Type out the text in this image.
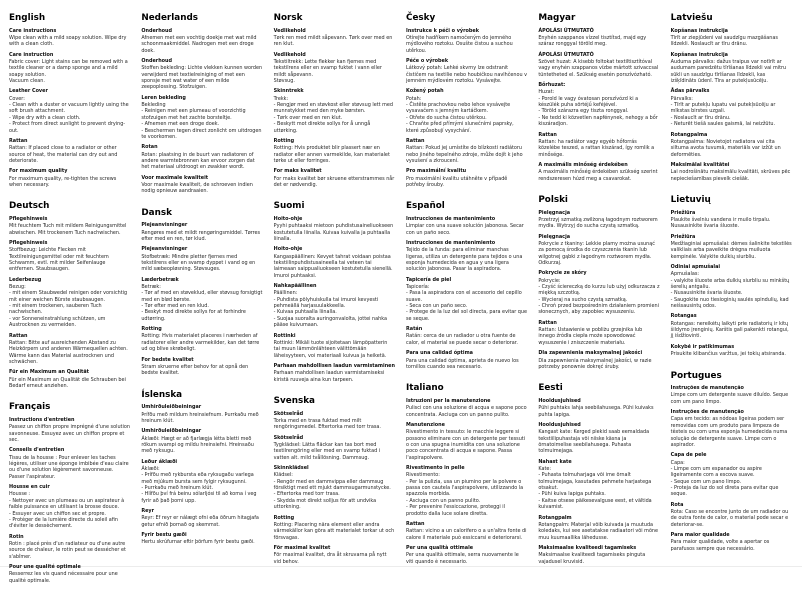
English
Care instructions

Wipe clean with a mild soapy solution. Wipe dry with a clean cloth.

Care instruction

Fabric cover: Light stains can be removed with a textile cleaner or a damp sponge and a mild soapy solution.

Vacuum clean.

Leather Cover

Cover:

- Clean with a duster or vacuum lightly using the soft brush attachment.

- Wipe dry with a clean cloth.

- Protect from direct sunlight to prevent drying-out.

Rattan

Rattan: If placed close to a radiator or other source of heat, the material can dry out and deteriorate.

For maximum quality

For maximum quality, re-tighten the screws when necessary.

Deutsch
Pflegehinweis

Mit feuchtem Tuch mit mildem Reinigungsmittel abwischen. Mit trockenem Tuch nachwischen.

Pflegehinweis

Stoffbezug: Leichte Flecken mit Textilreinigungsmittel oder mit feuchtem Schwamm, evtl. mit milder Seifenlauge entfernen. Staubsaugen.

Lederbezug

Bezug:

- mit einem Staubwedel reinigen oder vorsichtig mit einer weichen Bürste staubsaugen.

- mit einem trockenen, sauberen Tuch nachwischen.

- vor Sonneneinstrahlung schützen, um Austrocknen zu vermeiden.

Rattan

Rattan: Bitte auf ausreichenden Abstand zu Heizkörpern und anderen Wärmequellen achten. Wärme kann das Material austrocknen und schwächen.

Für ein Maximum an Qualität

Für ein Maximum an Qualität die Schrauben bei Bedarf erneut anziehen.

Français
Instructions d'entretien

Passez un chiffon propre imprégné d'une solution savonneuse. Essuyez avec un chiffon propre et sec.

Conseils d'entretien

Tissu de la housse : Pour enlever les taches légères, utiliser une éponge imbibée d'eau claire ou d'une solution légèrement savonneuse. Passer l'aspirateur.

Housse en cuir

Housse :

- Nettoyer avec un plumeau ou un aspirateur à faible puissance en utilisant la brosse douce.

- Essuyer avec un chiffon sec et propre.

- Protéger de la lumière directe du soleil afin d'éviter le dessèchement.

Rotin

Rotin : placé près d'un radiateur ou d'une autre source de chaleur, le rotin peut se dessécher et s'abîmer.

Pour une qualité optimale

Resserrez les vis quand nécessaire pour une qualité optimale.

Nederlands
Onderhoud

Afnemen met een vochtig doekje met wat mild schoonmaakmiddel. Nadrogen met een droge doek.

Onderhoud

Stoffen bekleding: Lichte vlekken kunnen worden verwijderd met textielreiniging of met een sponsje met wat water of een milde zeepoplossing. Stofzuigen.

Leren bekleding

Bekleding

- Reinigen met een plumeau of voorzichtig stofzuigen met het zachte borsteltje.

- Afnemen met een droge doek.

- Beschermen tegen direct zonlicht om uitdrogen te voorkomen.

Rotan

Rotan: plaatsing in de buurt van radiatoren of andere warmtebronnen kan ervoor zorgen dat het materiaal uitdroogt en zwakker wordt.

Voor maximale kwaliteit

Voor maximale kwaliteit, de schroeven indien nodig opnieuw aandraaien.

Dansk
Plejeanvisninger

Rengøres med et mildt rengøringsmiddel. Tørres efter med en ren, tør klud.

Plejeanvisninger

Stofbetræk: Mindre pletter fjernes med tekstilrens eller en svamp dyppet i vand og en mild sæbeopløsning. Støvsuges.

Læderbetræk

Betræk:

- Tør af med en støveklud, eller støvsug forsigtigt med en blød børste.

- Tør efter med en ren klud.

- Beskyt mod direkte sollys for at forhindre udtørring.

Rotting

Rotting: Hvis materialet placeres i nærheden af radiatorer eller andre varmekilder, kan det tørre ud og blive skrøbeligt.

For bedste kvalitet

Stram skruerne efter behov for at opnå den bedste kvalitet.

Íslenska
Umhirðuleiðbeiningar

Þrífðu með mildum hreinsiefnum. Þurrkaðu með hreinum klút.

Umhirðuleiðbeiningar

Áklæði: Hægt er að fjarlægja létta bletti með rökum svampi og mildu hreinsiefni. Hreinsaðu með ryksugu.

Leður áklæði

Áklæði:

- Þrífðu með rykbursta eða ryksugaðu varlega með mjúkum bursta sem fylgir ryksugunni.

- Þurrkaðu með hreinum klút.

- Hlífðu því frá beinu sólarljósi til að koma í veg fyrir að það þorni upp.

Reyr

Reyr: Ef reyr er nálægt ofni eða öðrum hitagjafa getur efnið þornað og skemmst.

Fyrir bestu gæði

Hertu skrúfurnar eftir þörfum fyrir bestu gæði.

Norsk
Vedlikehold

Tørk ren med mildt såpevann. Tørk over med en ren klut.

Vedlikehold

Tekstiltrekk: Lette flekker kan fjernes med tekstilrens eller en svamp fuktet i vann eller mildt såpevann.

Støvsug.

Skinntrekk

Trekk:

- Rengjør med en støvkost eller støvsug lett med munnstykket med den myke børsten.

- Tørk over med en ren klut.

- Beskytt mot direkte sollys for å unngå uttørking.

Rotting

Rotting: Hvis produktet blir plassert nær en radiator eller annen varmekilde, kan materialet tørke ut eller forringes.

For maks kvalitet

For maks kvalitet bør skruene etterstrammes når det er nødvendig.

Suomi
Hoito-ohje

Pyyhi puhtaaksi mietoon puhdistusaineliuokseen kostutetulla liinalla. Kuivaa kuivalla ja puhtaalla liinalla.

Hoito-ohje

Kangaspäällinen: Kevyet tahrat voidaan poistaa tekstiilinpuhdistusaineella tai veteen tai laimeaan saippualiuokseen kostutetulla sienellä. Imuroi puhtaaksi.

Nahkapäällinen

Päällinen:

- Puhdista pölyhuiskulla tai imuroi kevyesti pehmeällä harjasuulakkeella.

- Kuivaa puhtaalla liinalla.

- Suojaa suoralta auringonvalolta, jottei nahka pääse kuivumaan.

Rottinki

Rottinki: Mikäli tuote sijoitetaan lämpöpatterin tai muun lämmönlähteen välittömään läheisyyteen, voi materiaali kuivua ja heiketä.

Parhaan mahdollisen laadun varmistaminen

Parhaan mahdollisen laadun varmistamiseksi kiristä ruuveja aina kun tarpeen.

Svenska
Skötselråd

Torka med en trasa fuktad med milt rengöringsmedel. Eftertorka med torr trasa.

Skötselråd

Tygklädsel: Lätta fläckar kan tas bort med textilrengöring eller med en svamp fuktad i vatten alt. mild tvållösning. Dammsug.

Skinnklädsel

Klädsel:

- Rengör med en dammvippa eller dammsug försiktigt med ett mjukt dammsugarmunstycke.

- Eftertorka med torr trasa.

- Skydda mot direkt solljus för att undvika uttorkning.

Rotting

Rotting: Placering nära element eller andra värmekällor kan göra att materialet torkar ut och försvagas.

För maximal kvalitet

För maximal kvalitet, dra åt skruvarna på nytt vid behov.

Česky
Instrukce k péči o výrobek

Otírejte hadříkem namočeným do jemného mýdlového roztoku. Osušte čistou a suchou utěrkou.

Péče o výrobek

Látkový potah: Lehké skvrny lze odstranit čističem na textilie nebo houbičkou navlhčenou v jemném mýdlovém roztoku. Vysávejte.

Kožený potah

Potah:

- Čistěte prachovkou nebo lehce vysávejte vysavačem s jemným kartáčkem.

- Otřete do sucha čistou utěrkou.

- Chraňte před přímými slunečními paprsky, které způsobují vysychání.

Rattan

Rattan: Pokud jej umístíte do blízkosti radiátoru nebo jiného tepelného zdroje, může dojít k jeho vysušení a zkroucení.

Pro maximální kvalitu

Pro maximální kvalitu utáhněte v případě potřeby šrouby.

Español
Instrucciones de mantenimiento

Limpiar con una suave solución jabonosa. Secar con un paño seco.

Instrucciones de mantenimiento

Tejido de la funda: para eliminar manchas ligeras, utiliza un detergente para tejidos o una esponja humedecida en agua y una ligera solución jabonosa. Pasar la aspiradora.

Tapicería de piel

Tapicería:

- Pasa la aspiradora con el accesorio del cepillo suave.

- Seca con un paño seco.

- Protege de la luz del sol directa, para evitar que se seque.

Ratán

Ratán: cerca de un radiador u otra fuente de calor, el material se puede secar o deteriorar.

Para una calidad óptima

Para una calidad óptima, aprieta de nuevo los tornillos cuando sea necesario.

Italiano
Istruzioni per la manutenzione

Pulisci con una soluzione di acqua e sapone poco concentrata. Asciuga con un panno pulito.

Manutenzione

Rivestimento in tessuto: le macchie leggere si possono eliminare con un detergente per tessuti o con una spugna inumidita con una soluzione poco concentrata di acqua e sapone. Passa l'aspirapolvere.

Rivestimento in pelle

Rivestimento:

- Per la pulizia, usa un piumino per la polvere o passa con cautela l'aspirapolvere, utilizzando la spazzola morbida.

- Asciuga con un panno pulito.

- Per prevenire l'essiccazione, proteggi il prodotto dalla luce solare diretta.

Rattan

Rattan: vicino a un calorifero o a un'altra fonte di calore il materiale può essiccarsi e deteriorarsi.

Per una qualità ottimale

Per una qualità ottimale, serra nuovamente le viti quando è necessario.

Magyar
ÁPOLÁSI ÚTMUTATÓ

Enyhén szappanos vízzel tisztítsd, majd egy száraz ronggyal töröld meg.

ÁPOLÁSI ÚTMUTATÓ

Szövet huzat: A kisebb foltokat textiltisztítóval vagy enyhén szappanos vízbe mártott szivaccsal tüntetheted el. Szükség esetén porszívózható.

Bőrhuzat:

Huzat:

- Porold le vagy óvatosan porszívózd ki a készülék puha sörtéjű keféjével.

- Töröld szárazra egy tiszta ronggyal.

- Ne tedd ki közvetlen napfénynek, nehogy a bőr kiszáradjon.

Rattan

Rattan: ha radiátor vagy egyéb hőforrás közelébe teszed, a rattan kiszárad, így romlik a minősége.

A maximális minőség érdekében

A maximális minőség érdekében szükség szerint rendszeresen húzd meg a csavarokat.

Polski
Pielęgnacja

Przetrzyj szmatką zwilżoną łagodnym roztworem mydła. Wytrzyj do sucha czystą szmatką.

Pielęgnacja

Pokrycie z tkaniny: Lekkie plamy można usunąć za pomocą środka do czyszczenia tkanin lub wilgotnej gąbki z łagodnym roztworem mydła. Odkurzaj.

Pokrycie ze skóry

Pokrycie:

- Czyść ściereczką do kurzu lub użyj odkurzacza z miękką szczotką.

- Wycieraj na sucho czystą szmatką.

- Chroń przed bezpośrednim działaniem promieni słonecznych, aby zapobiec wysuszeniu.

Rattan

Rattan: Ustawienie w pobliżu grzejnika lub innego źródła ciepła może spowodować wysuszenie i zniszczenie materiału.

Dla zapewnienia maksymalnej jakości

Dla zapewnienia maksymalnej jakości, w razie potrzeby ponownie dokręć śruby.

Eesti
Hooldusjuhised

Pühi puhtaks lahja seebilahusega. Pühi kuivaks puhta lapiga.

Hooldusjuhised

Kangast kate: Kerged plekid saab eemaldada tekstiilipuhastaja või niiske käsna ja õrnatoimelise seebilahusega. Puhasta tolmuimejaga.

Nahast kate

Kate:

- Puhasta tolmuharjaga või ime õrnalt tolmuimejaga, kasutades pehmete harjastega otsakut.

- Pühi kuiva lapiga puhtaks.

- Kaitse otsese päikesevalguse eest, et vältida kuivamist.

Rotangpalm

Rotangpalm: Materjal võib kuivada ja muutuda koledaks, kui see asetatakse radiaatori või mõne muu kuumaallika lähedusse.

Maksimaalse kvaliteedi tagamiseks

Maksimaalse kvaliteedi tagamiseks pinguta vajadusel kruvisid.

Latviešu
Kopšanas instrukcija

Tīrīt ar ziepjūdeni vai saudzīgu mazgāšanas līdzekli. Noslaucīt ar tīru drānu.

Kopšanas instrukcija

Auduma pārvalks: dažus traipus var notīrīt ar audumam paredzētu tīrīšanas līdzekli vai mitru sūkli un saudzīgu tīrīšanas līdzekli, kas izšķīdināts ūdenī. Tīra ar putekļusūcēju.

Ādas pārvalks

Pārvalks:

- Tīrīt ar putekļu lupatu vai putekļsūcēju ar mīkstas birstes uzgali.

- Noslaucīt ar tīru drānu.

- Neturēt tiešā saules gaismā, lai neizžūtu.

Rotangpalma

Rotangpalma: Novietojot radiatora vai cita siltuma avota tuvumā, materiāls var izžūt un deformēties.

Maksimālai kvalitātei

Lai nodrošinātu maksimālu kvalitāti, skrūves pēc nepieciešamības pievelk ciešāk.

Lietuvių
Priežiūra

Plaukite švelniu vandens ir muilo tirpalu. Nusausinkite švaria šluoste.

Priežiūra

Medžiaginiai apmušalai: dėmes šalinkite tekstilės valikliais arba paveikite drėgna muiluota kempinėle. Valykite dulkių siurbliu.

Odiniai apmušalai

Apmušalas:

- valykite šluoste arba dulkių siurbliu su minkštų šerelių antgaliu.

- Nusausinkite švaria šluoste.

- Saugokite nuo tiesioginių saulės spindulių, kad neišsausintų odos.

Rotangas

Rotangas: nereikėtų laikyti prie radiatorių ir kitų šildymo įrenginių. Karštis gali pakenkti rotangui, jį išdžiovinti.

Kokybė ir patikimumas

Prisukite klibančius varžtus, jei tokių atsiranda.

Portugues
Instruções de manutenção

Limpe com um detergente suave diluído. Seque com um pano limpo.

Instruções de manutenção

Capa em tecido: as nódoas ligeiras podem ser removidas com um produto para limpeza de têxteis ou com uma esponja humedecida numa solução de detergente suave. Limpe com o aspirador.

Capa de pele

Capa:

- Limpe com um espanador ou aspire ligeiramente com a escova suave.

- Seque com um pano limpo.

- Proteja da luz do sol direta para evitar que seque.

Rota

Rota: Caso se encontre junto de um radiador ou de outra fonte de calor, o material pode secar e deteriorar-se.

Para maior qualidade

Para maior qualidade, volte a apertar os parafusos sempre que necessário.
